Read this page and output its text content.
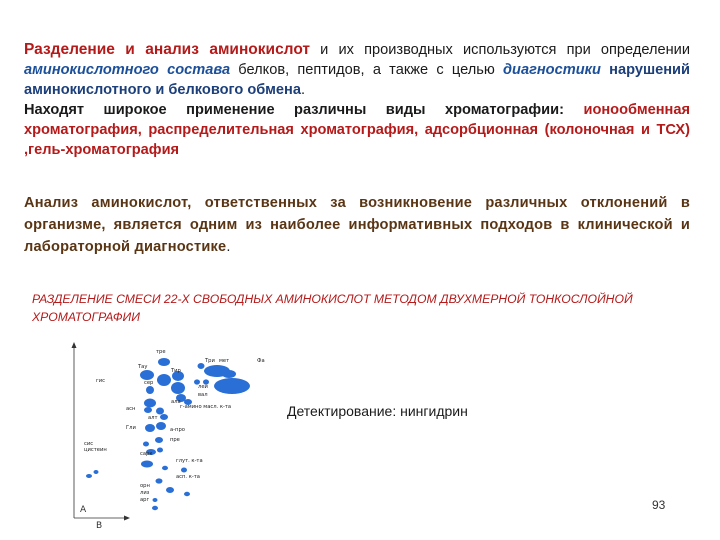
Разделение и анализ аминокислот и их производных используются при определении аминокислотного состава белков, пептидов, а также с целью диагностики нарушений аминокислотного и белкового обмена.
Находят широкое применение различны виды хроматографии: ионообменная хроматография, распределительная хроматография, адсорбционная (колоночная и ТСХ) ,гель-хроматография
Анализ аминокислот, ответственных за возникновение различных отклонений в организме, является одним из наиболее информативных подходов в клинической и лабораторной диагностике.
РАЗДЕЛЕНИЕ СМЕСИ 22-Х СВОБОДНЫХ АМИНОКИСЛОТ МЕТОДОМ ДВУХМЕРНОЙ ТОНКОСЛОЙНОЙ ХРОМАТОГРАФИИ
A
B
тре
Три мет	Фа
Тау
Тир
гис	сер
лей
вал
ала
г-амино масл. к-та
асн
алт
Гли	а-про
пре
сис
цистеин
сарк
глут. к-та
асп. к-та
орн
лиз
арг
Детектирование: нингидрин
93
